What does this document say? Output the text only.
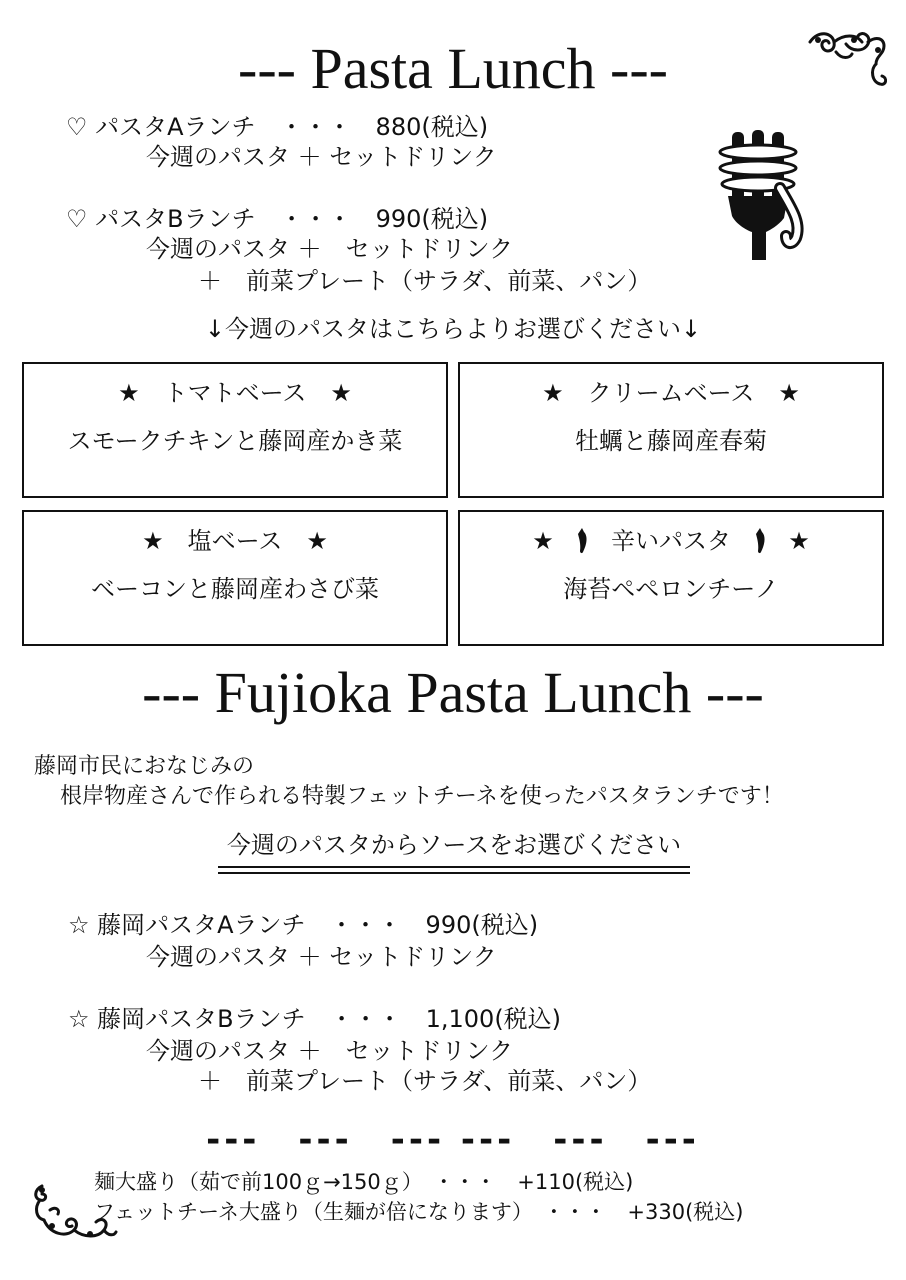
--- Pasta Lunch ---
♡ パスタAランチ　・・・　880(税込)
今週のパスタ ＋ セットドリンク
♡ パスタBランチ　・・・　990(税込)
今週のパスタ ＋　セットドリンク
＋　前菜プレート（サラダ、前菜、パン）
↓今週のパスタはこちらよりお選びください↓
★　トマトベース　★
スモークチキンと藤岡産かき菜
★　クリームベース　★
牡蠣と藤岡産春菊
★　塩ベース　★
ベーコンと藤岡産わさび菜
★ 辛いパスタ ★
海苔ペペロンチーノ
--- Fujioka Pasta Lunch ---
藤岡市民におなじみの
根岸物産さんで作られる特製フェットチーネを使ったパスタランチです！
今週のパスタからソースをお選びください
☆ 藤岡パスタAランチ　・・・　990(税込)
今週のパスタ ＋ セットドリンク
☆ 藤岡パスタBランチ　・・・　1,100(税込)
今週のパスタ ＋　セットドリンク
＋　前菜プレート（サラダ、前菜、パン）
---　---　--- ---　---　---
麺大盛り（茹で前100ｇ→150ｇ）　・・・　+110(税込)
フェットチーネ大盛り（生麺が倍になります）　・・・　+330(税込)
